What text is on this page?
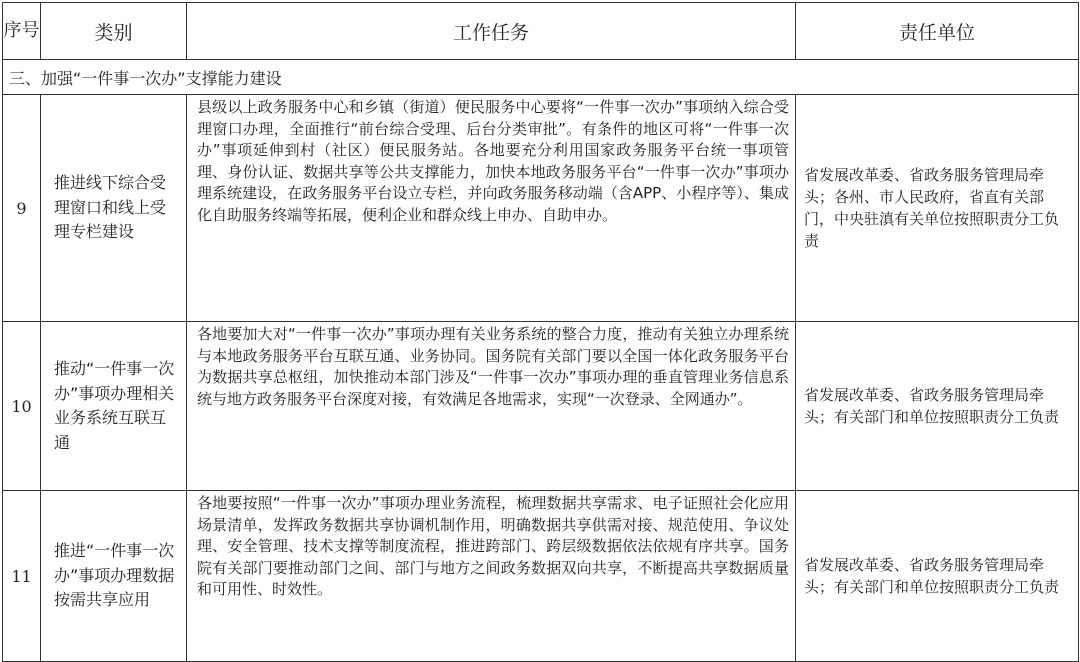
序号	类别	工作任务	责任单位
三、加强“一件事一次办”支撑能力建设			
9	推进线下综合受理窗口和线上受理专栏建设	县级以上政务服务中心和乡镇（街道）便民服务中心要将“一件事一次办”事项纳入综合受理窗口办理，全面推行“前台综合受理、后台分类审批”。有条件的地区可将“一件事一次办”事项延伸到村（社区）便民服务站。各地要充分利用国家政务服务平台统一事项管理、身份认证、数据共享等公共支撑能力，加快本地政务服务平台“一件事一次办”事项办理系统建设，在政务服务平台设立专栏，并向政务服务移动端（含APP、小程序等）、集成化自助服务终端等拓展，便利企业和群众线上申办、自助申办。	省发展改革委、省政务服务管理局牵头；各州、市人民政府，省直有关部门，中央驻滇有关单位按照职责分工负责
10	推动“一件事一次办”事项办理相关业务系统互联互通	各地要加大对“一件事一次办”事项办理有关业务系统的整合力度，推动有关独立办理系统与本地政务服务平台互联互通、业务协同。国务院有关部门要以全国一体化政务服务平台为数据共享总枢纽，加快推动本部门涉及“一件事一次办”事项办理的垂直管理业务信息系统与地方政务服务平台深度对接，有效满足各地需求，实现“一次登录、全网通办”。	省发展改革委、省政务服务管理局牵头；有关部门和单位按照职责分工负责
11	推进“一件事一次办”事项办理数据按需共享应用	各地要按照“一件事一次办”事项办理业务流程，梳理数据共享需求、电子证照社会化应用场景清单，发挥政务数据共享协调机制作用，明确数据共享供需对接、规范使用、争议处理、安全管理、技术支撑等制度流程，推进跨部门、跨层级数据依法依规有序共享。国务院有关部门要推动部门之间、部门与地方之间政务数据双向共享，不断提高共享数据质量和可用性、时效性。	省发展改革委、省政务服务管理局牵头；有关部门和单位按照职责分工负责
